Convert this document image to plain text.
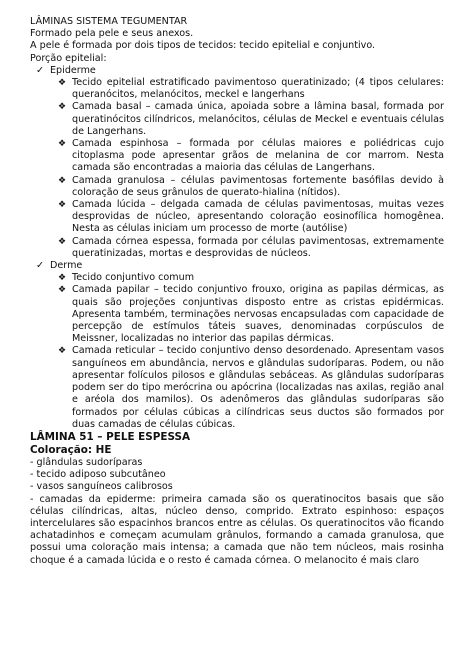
LÂMINAS SISTEMA TEGUMENTAR
Formado pela pele e seus anexos.
A pele é formada por dois tipos de tecidos: tecido epitelial e conjuntivo.
Porção epitelial:
✓ Epiderme
❖ Tecido epitelial estratificado pavimentoso queratinizado; (4 tipos celulares: queranócitos, melanócitos, meckel e langerhans
❖ Camada basal – camada única, apoiada sobre a lâmina basal, formada por queratinócitos cilíndricos, melanócitos, células de Meckel e eventuais células de Langerhans.
❖ Camada espinhosa – formada por células maiores e poliédricas cujo citoplasma pode apresentar grãos de melanina de cor marrom. Nesta camada são encontradas a maioria das células de Langerhans.
❖ Camada granulosa – células pavimentosas fortemente basófilas devido à coloração de seus grânulos de querato-hialina (nítidos).
❖ Camada lúcida – delgada camada de células pavimentosas, muitas vezes desprovidas de núcleo, apresentando coloração eosinofílica homogênea. Nesta as células iniciam um processo de morte (autólise)
❖ Camada córnea espessa, formada por células pavimentosas, extremamente queratinizadas, mortas e desprovidas de núcleos.
✓ Derme
❖ Tecido conjuntivo comum
❖ Camada papilar – tecido conjuntivo frouxo, origina as papilas dérmicas, as quais são projeções conjuntivas disposto entre as cristas epidérmicas. Apresenta também, terminações nervosas encapsuladas com capacidade de percepção de estímulos táteis suaves, denominadas corpúsculos de Meissner, localizadas no interior das papilas dérmicas.
❖ Camada reticular – tecido conjuntivo denso desordenado. Apresentam vasos sanguíneos em abundância, nervos e glândulas sudoríparas. Podem, ou não apresentar folículos pilosos e glândulas sebáceas. As glândulas sudoríparas podem ser do tipo merócrina ou apócrina (localizadas nas axilas, região anal e aréola dos mamilos). Os adenômeros das glândulas sudoríparas são formados por células cúbicas a cilíndricas seus ductos são formados por duas camadas de células cúbicas.
LÂMINA 51 – PELE ESPESSA
Coloração: HE
- glândulas sudoríparas
- tecido adiposo subcutâneo
- vasos sanguíneos calibrosos
- camadas da epiderme: primeira camada são os queratinocitos basais que são células cilíndricas, altas, núcleo denso, comprido. Extrato espinhoso: espaços intercelulares são espacinhos brancos entre as células. Os queratinocitos vão ficando achatadinhos e começam acumulam grânulos, formando a camada granulosa, que possui uma coloração mais intensa; a camada que não tem núcleos, mais rosinha choque é a camada lúcida e o resto é camada córnea. O melanocito é mais claro
